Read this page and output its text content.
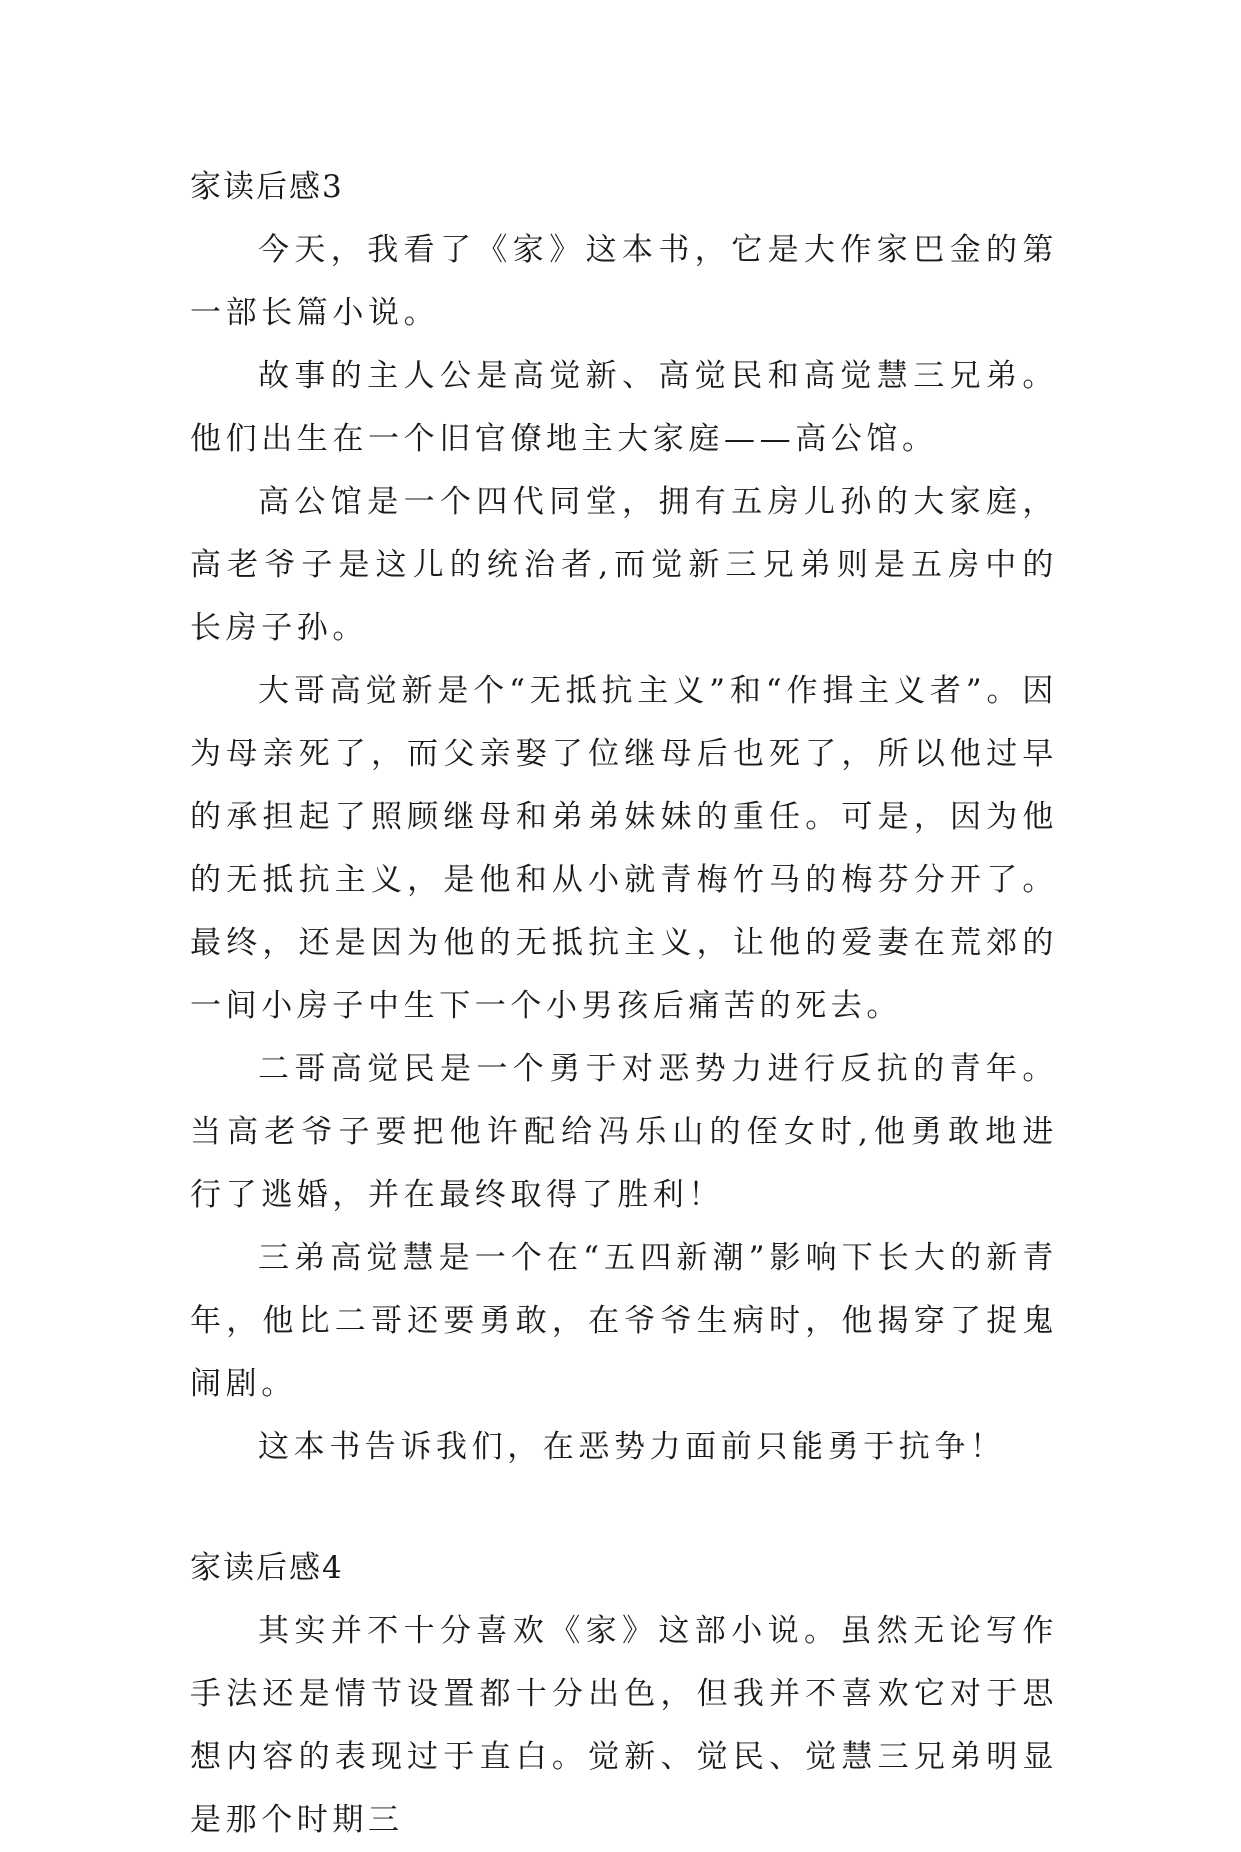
家读后感3

今天，我看了《家》这本书，它是大作家巴金的第一部长篇小说。

故事的主人公是高觉新、高觉民和高觉慧三兄弟。他们出生在一个旧官僚地主大家庭——高公馆。

高公馆是一个四代同堂，拥有五房儿孙的大家庭，高老爷子是这儿的统治者,而觉新三兄弟则是五房中的长房子孙。

大哥高觉新是个“无抵抗主义”和“作揖主义者”。因为母亲死了，而父亲娶了位继母后也死了，所以他过早的承担起了照顾继母和弟弟妹妹的重任。可是，因为他的无抵抗主义，是他和从小就青梅竹马的梅芬分开了。最终，还是因为他的无抵抗主义，让他的爱妻在荒郊的一间小房子中生下一个小男孩后痛苦的死去。

二哥高觉民是一个勇于对恶势力进行反抗的青年。当高老爷子要把他许配给冯乐山的侄女时,他勇敢地进行了逃婚，并在最终取得了胜利！

三弟高觉慧是一个在“五四新潮”影响下长大的新青年，他比二哥还要勇敢，在爷爷生病时，他揭穿了捉鬼闹剧。

这本书告诉我们，在恶势力面前只能勇于抗争！

家读后感4

其实并不十分喜欢《家》这部小说。虽然无论写作手法还是情节设置都十分出色，但我并不喜欢它对于思想内容的表现过于直白。觉新、觉民、觉慧三兄弟明显是那个时期三
